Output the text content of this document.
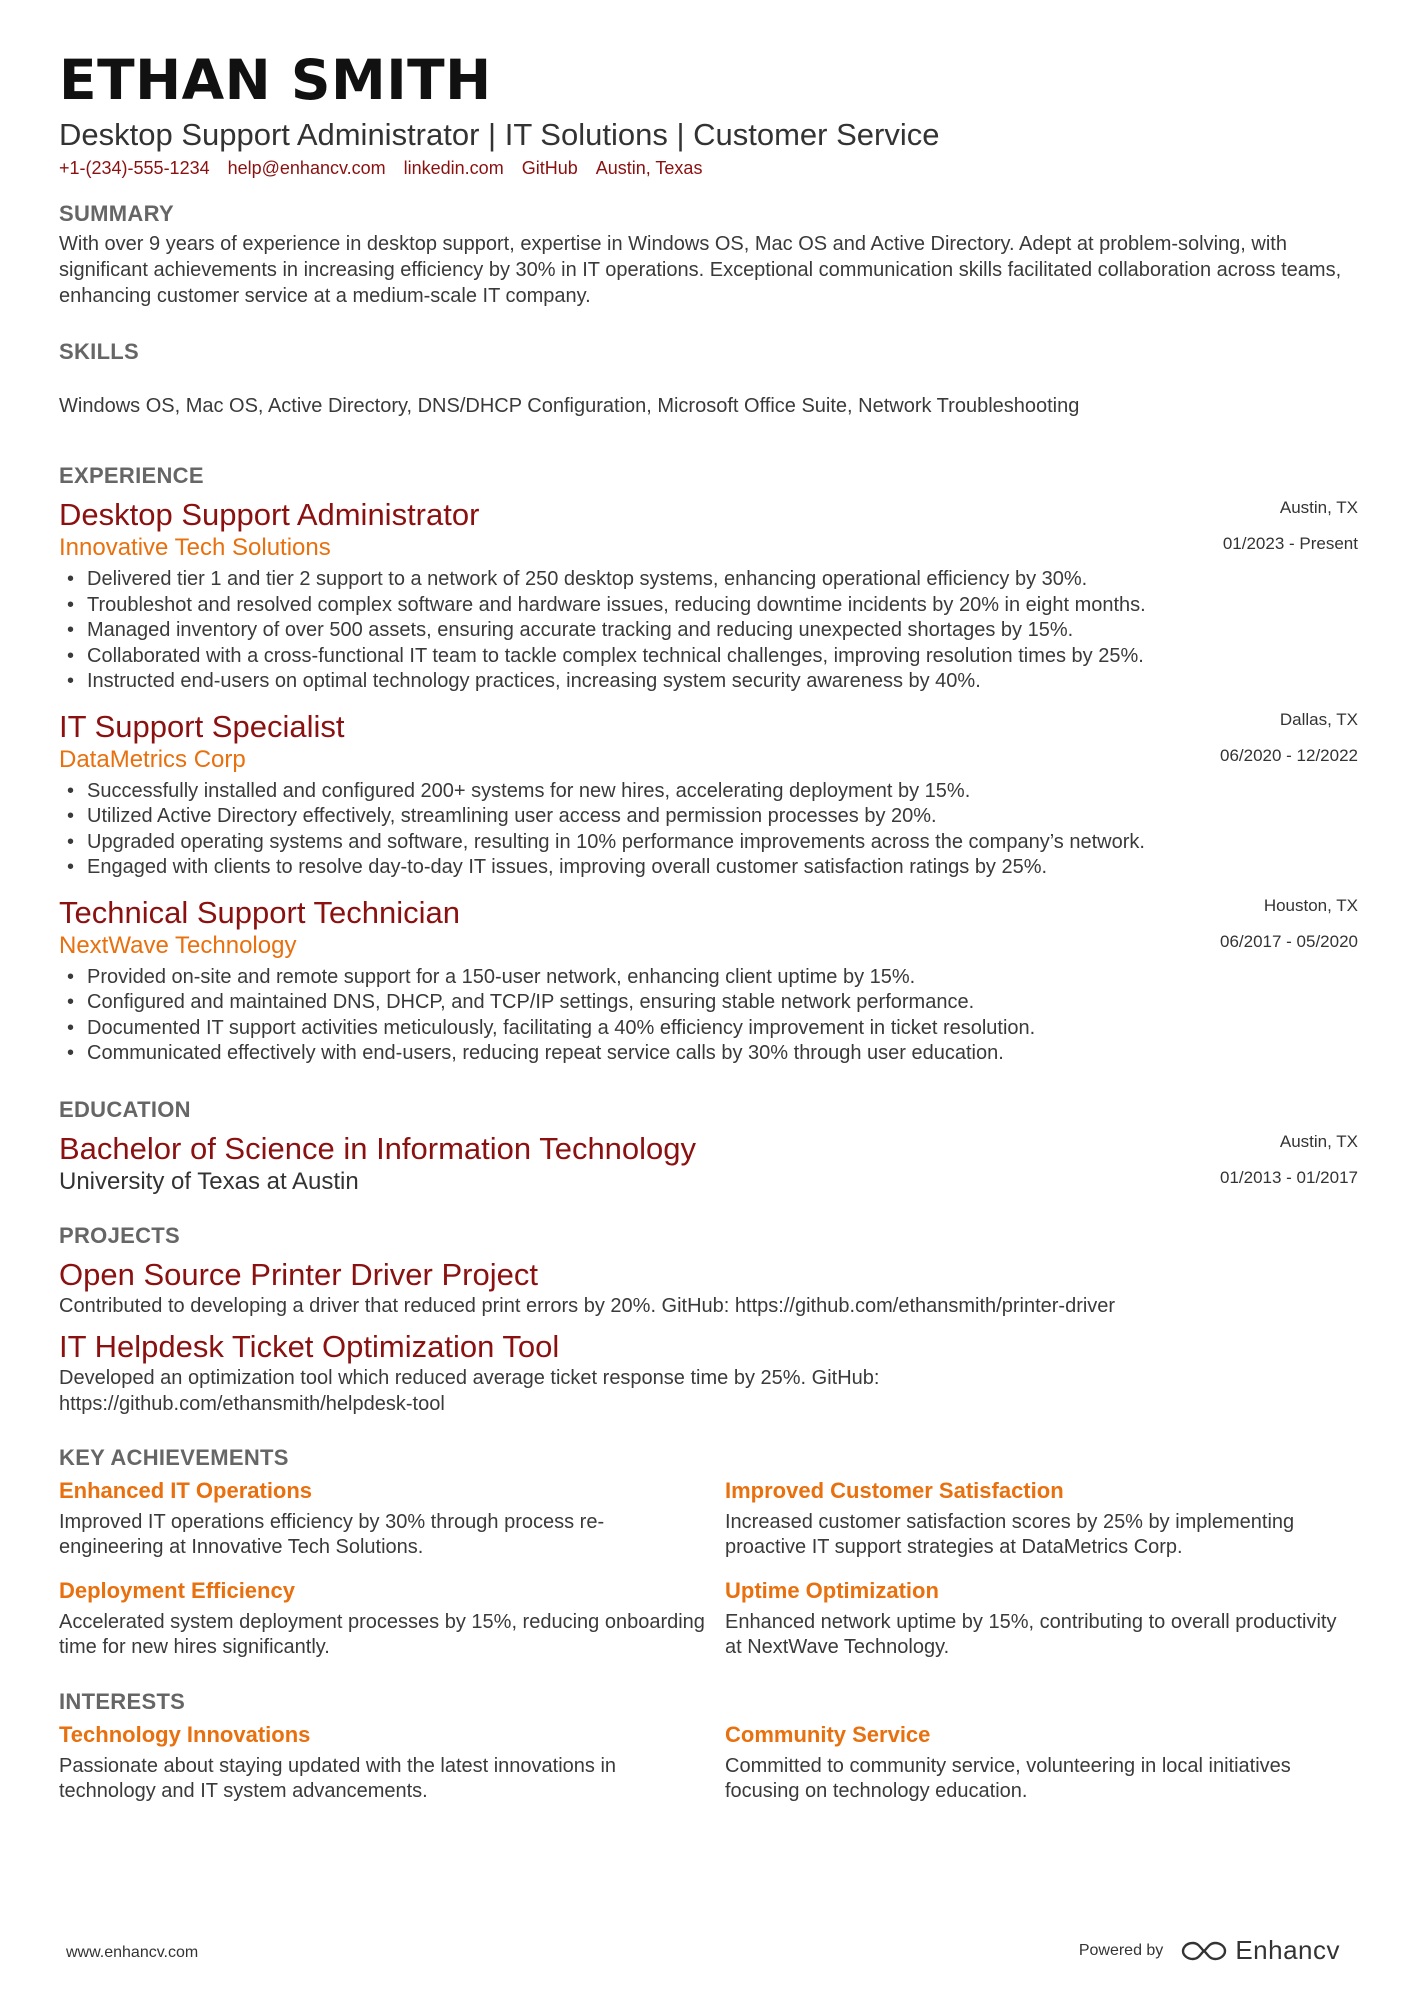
ETHAN SMITH
Desktop Support Administrator | IT Solutions | Customer Service
+1-(234)-555-1234 help@enhancv.com linkedin.com GitHub Austin, Texas
SUMMARY
With over 9 years of experience in desktop support, expertise in Windows OS, Mac OS and Active Directory. Adept at problem-solving, with significant achievements in increasing efficiency by 30% in IT operations. Exceptional communication skills facilitated collaboration across teams, enhancing customer service at a medium-scale IT company.
SKILLS
Windows OS, Mac OS, Active Directory, DNS/DHCP Configuration, Microsoft Office Suite, Network Troubleshooting
EXPERIENCE
Austin, TX
01/2023 - Present
Desktop Support Administrator
Innovative Tech Solutions
• Delivered tier 1 and tier 2 support to a network of 250 desktop systems, enhancing operational efficiency by 30%.
• Troubleshot and resolved complex software and hardware issues, reducing downtime incidents by 20% in eight months.
• Managed inventory of over 500 assets, ensuring accurate tracking and reducing unexpected shortages by 15%.
• Collaborated with a cross-functional IT team to tackle complex technical challenges, improving resolution times by 25%.
• Instructed end-users on optimal technology practices, increasing system security awareness by 40%.
Dallas, TX
06/2020 - 12/2022
IT Support Specialist
DataMetrics Corp
• Successfully installed and configured 200+ systems for new hires, accelerating deployment by 15%.
• Utilized Active Directory effectively, streamlining user access and permission processes by 20%.
• Upgraded operating systems and software, resulting in 10% performance improvements across the company’s network.
• Engaged with clients to resolve day-to-day IT issues, improving overall customer satisfaction ratings by 25%.
Houston, TX
06/2017 - 05/2020
Technical Support Technician
NextWave Technology
• Provided on-site and remote support for a 150-user network, enhancing client uptime by 15%.
• Configured and maintained DNS, DHCP, and TCP/IP settings, ensuring stable network performance.
• Documented IT support activities meticulously, facilitating a 40% efficiency improvement in ticket resolution.
• Communicated effectively with end-users, reducing repeat service calls by 30% through user education.
EDUCATION
Austin, TX
01/2013 - 01/2017
Bachelor of Science in Information Technology
University of Texas at Austin
PROJECTS
Open Source Printer Driver Project
Contributed to developing a driver that reduced print errors by 20%. GitHub: https://github.com/ethansmith/printer-driver
IT Helpdesk Ticket Optimization Tool
Developed an optimization tool which reduced average ticket response time by 25%. GitHub: https://github.com/ethansmith/helpdesk-tool
KEY ACHIEVEMENTS
Enhanced IT Operations
Improved IT operations efficiency by 30% through process re-engineering at Innovative Tech Solutions.
Improved Customer Satisfaction
Increased customer satisfaction scores by 25% by implementing proactive IT support strategies at DataMetrics Corp.
Deployment Efficiency
Accelerated system deployment processes by 15%, reducing onboarding time for new hires significantly.
Uptime Optimization
Enhanced network uptime by 15%, contributing to overall productivity at NextWave Technology.
INTERESTS
Technology Innovations
Passionate about staying updated with the latest innovations in technology and IT system advancements.
Community Service
Committed to community service, volunteering in local initiatives focusing on technology education.
www.enhancv.com	Powered by	Enhancv
